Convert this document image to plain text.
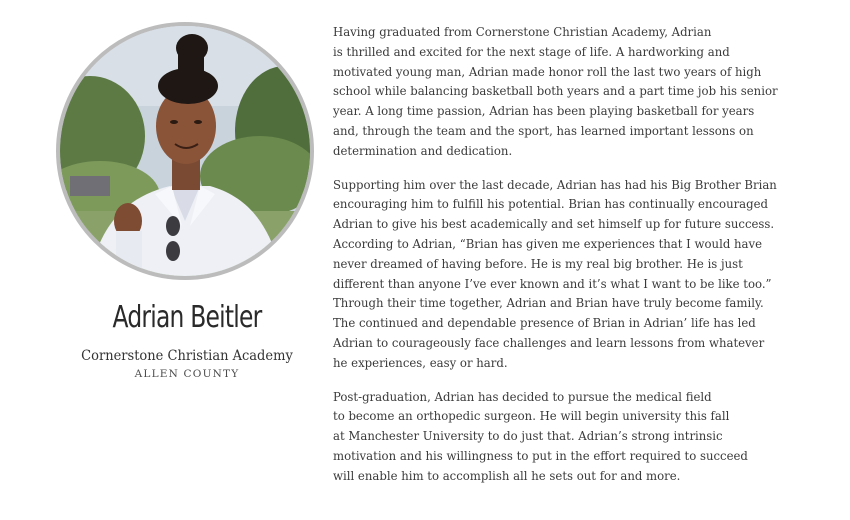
Adrian Beitler
Cornerstone Christian Academy
ALLEN COUNTY

Having graduated from Cornerstone Christian Academy, Adrian
is thrilled and excited for the next stage of life. A hardworking and
motivated young man, Adrian made honor roll the last two years of high
school while balancing basketball both years and a part time job his senior
year. A long time passion, Adrian has been playing basketball for years
and, through the team and the sport, has learned important lessons on
determination and dedication.

Supporting him over the last decade, Adrian has had his Big Brother Brian
encouraging him to fulfill his potential. Brian has continually encouraged
Adrian to give his best academically and set himself up for future success.
According to Adrian, “Brian has given me experiences that I would have
never dreamed of having before. He is my real big brother. He is just
different than anyone I’ve ever known and it’s what I want to be like too.”
Through their time together, Adrian and Brian have truly become family.
The continued and dependable presence of Brian in Adrian’ life has led
Adrian to courageously face challenges and learn lessons from whatever
he experiences, easy or hard.

Post-graduation, Adrian has decided to pursue the medical field
to become an orthopedic surgeon. He will begin university this fall
at Manchester University to do just that. Adrian’s strong intrinsic
motivation and his willingness to put in the effort required to succeed
will enable him to accomplish all he sets out for and more.
